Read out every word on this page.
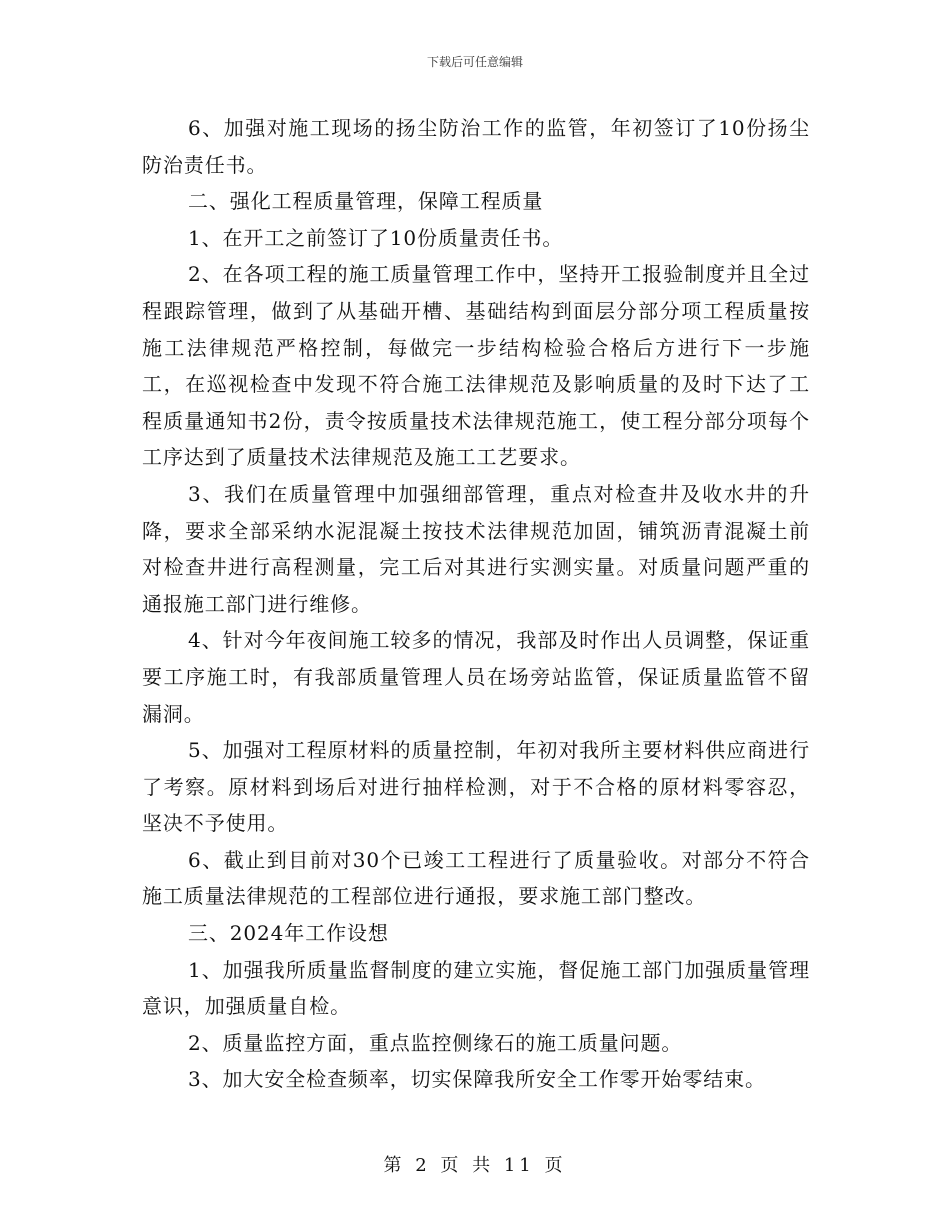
下载后可任意编辑

6、加强对施工现场的扬尘防治工作的监管，年初签订了10份扬尘防治责任书。

二、强化工程质量管理，保障工程质量

1、在开工之前签订了10份质量责任书。

2、在各项工程的施工质量管理工作中，坚持开工报验制度并且全过程跟踪管理，做到了从基础开槽、基础结构到面层分部分项工程质量按施工法律规范严格控制，每做完一步结构检验合格后方进行下一步施工，在巡视检查中发现不符合施工法律规范及影响质量的及时下达了工程质量通知书2份，责令按质量技术法律规范施工，使工程分部分项每个工序达到了质量技术法律规范及施工工艺要求。

3、我们在质量管理中加强细部管理，重点对检查井及收水井的升降，要求全部采纳水泥混凝土按技术法律规范加固，铺筑沥青混凝土前对检查井进行高程测量，完工后对其进行实测实量。对质量问题严重的通报施工部门进行维修。

4、针对今年夜间施工较多的情况，我部及时作出人员调整，保证重要工序施工时，有我部质量管理人员在场旁站监管，保证质量监管不留漏洞。

5、加强对工程原材料的质量控制，年初对我所主要材料供应商进行了考察。原材料到场后对进行抽样检测，对于不合格的原材料零容忍，坚决不予使用。

6、截止到目前对30个已竣工工程进行了质量验收。对部分不符合施工质量法律规范的工程部位进行通报，要求施工部门整改。

三、2024年工作设想

1、加强我所质量监督制度的建立实施，督促施工部门加强质量管理意识，加强质量自检。

2、质量监控方面，重点监控侧缘石的施工质量问题。

3、加大安全检查频率，切实保障我所安全工作零开始零结束。

第 2 页 共 11 页
